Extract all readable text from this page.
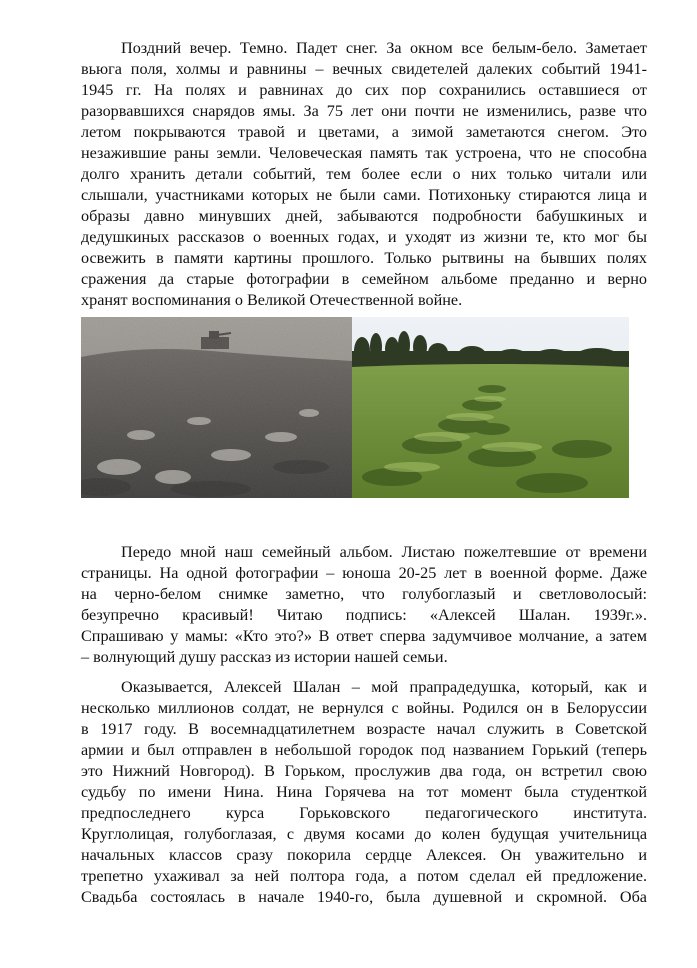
Поздний вечер. Темно. Падет снег. За окном все белым-бело. Заметает
вьюга поля, холмы и равнины – вечных свидетелей далеких событий 1941-
1945 гг. На полях и равнинах до сих пор сохранились оставшиеся от
разорвавшихся снарядов ямы. За 75 лет они почти не изменились, разве что
летом покрываются травой и цветами, а зимой заметаются снегом. Это
незажившие раны земли. Человеческая память так устроена, что не способна
долго хранить детали событий, тем более если о них только читали или
слышали, участниками которых не были сами. Потихоньку стираются лица и
образы давно минувших дней, забываются подробности бабушкиных и
дедушкиных рассказов о военных годах, и уходят из жизни те, кто мог бы
освежить в памяти картины прошлого. Только рытвины на бывших полях
сражения да старые фотографии в семейном альбоме преданно и верно
хранят воспоминания о Великой Отечественной войне.
Передо мной наш семейный альбом. Листаю пожелтевшие от времени
страницы. На одной фотографии – юноша 20-25 лет в военной форме. Даже
на черно-белом снимке заметно, что голубоглазый и светловолосый:
безупречно красивый! Читаю подпись: «Алексей Шалан. 1939г.».
Спрашиваю у мамы: «Кто это?» В ответ сперва задумчивое молчание, а затем
– волнующий душу рассказ из истории нашей семьи.
Оказывается, Алексей Шалан – мой прапрадедушка, который, как и
несколько миллионов солдат, не вернулся с войны. Родился он в Белоруссии
в 1917 году. В восемнадцатилетнем возрасте начал служить в Советской
армии и был отправлен в небольшой городок под названием Горький (теперь
это Нижний Новгород). В Горьком, прослужив два года, он встретил свою
судьбу по имени Нина. Нина Горячева на тот момент была студенткой
предпоследнего курса Горьковского педагогического института.
Круглолицая, голубоглазая, с двумя косами до колен будущая учительница
начальных классов сразу покорила сердце Алексея. Он уважительно и
трепетно ухаживал за ней полтора года, а потом сделал ей предложение.
Свадьба состоялась в начале 1940-го, была душевной и скромной. Оба
